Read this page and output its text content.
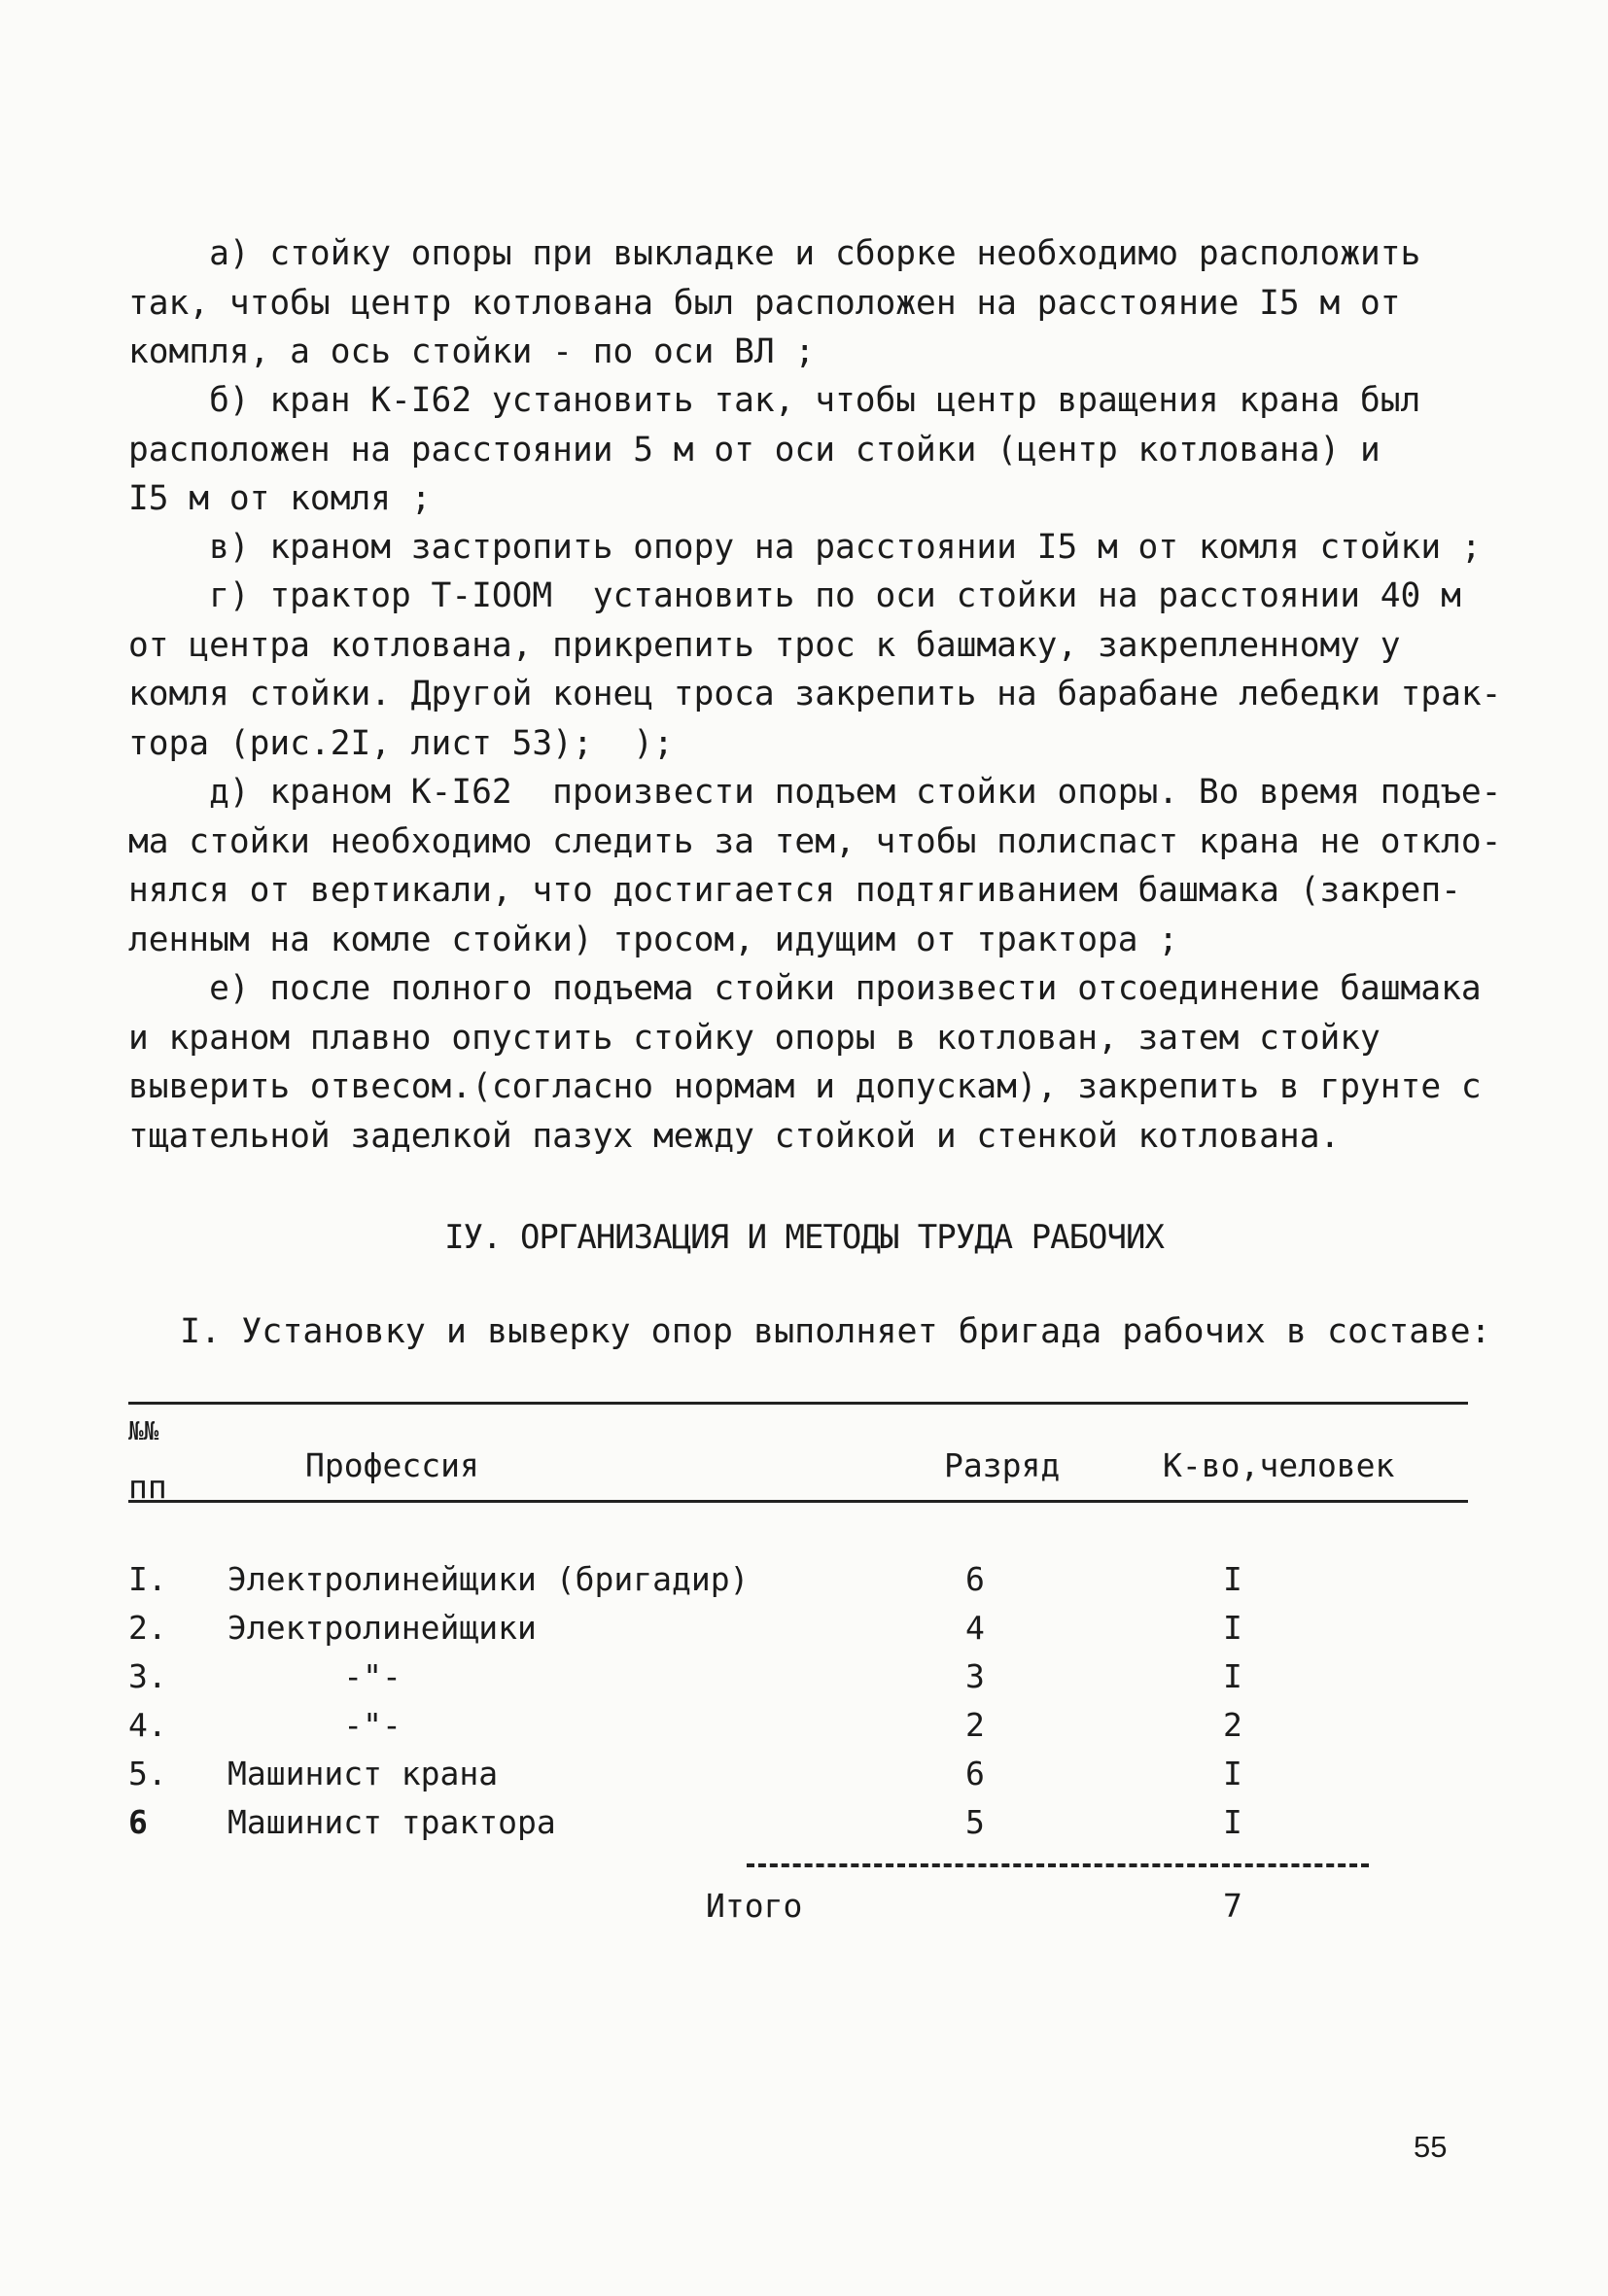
а) стойку опоры при выкладке и сборке необходимо расположить
так, чтобы центр котлована был расположен на расстояние I5 м от
компля, а ось стойки - по оси ВЛ ;
б) кран К-I62 установить так, чтобы центр вращения крана был
расположен на расстоянии 5 м от оси стойки (центр котлована) и
I5 м от комля ;
в) краном застропить опору на расстоянии I5 м от комля стойки ;
г) трактор Т-IOOM  установить по оси стойки на расстоянии 40 м
от центра котлована, прикрепить трос к башмаку, закрепленному у
комля стойки. Другой конец троса закрепить на барабане лебедки трак-
тора (рис.2I, лист 53);  );
д) краном К-I62  произвести подъем стойки опоры. Во время подъе-
ма стойки необходимо следить за тем, чтобы полиспаст крана не откло-
нялся от вертикали, что достигается подтягиванием башмака (закреп-
ленным на комле стойки) тросом, идущим от трактора ;
е) после полного подъема стойки произвести отсоединение башмака
и краном плавно опустить стойку опоры в котлован, затем стойку
выверить отвесом.(согласно нормам и допускам), закрепить в грунте с
тщательной заделкой пазух между стойкой и стенкой котлована.
IУ. ОРГАНИЗАЦИЯ И МЕТОДЫ ТРУДА РАБОЧИХ

I. Установку и выверку опор выполняет бригада рабочих в составе:

№№
пп
Профессия	Разряд	К-во,человек
I. Электролинейщики (бригадир)	6	I
2. Электролинейщики	4	I
3. -"-	3	I
4. -"-	2	2
5. Машинист крана	6	I
6 Машинист трактора	5	I
Итого	7
55
